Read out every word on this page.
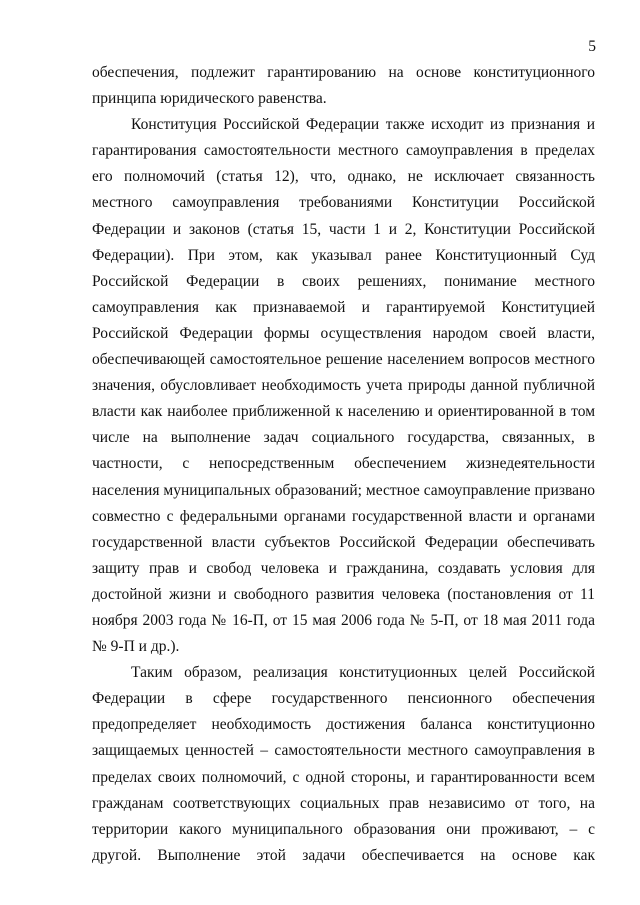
5
обеспечения, подлежит гарантированию на основе конституционного
принципа юридического равенства.
Конституция Российской Федерации также исходит из признания и
гарантирования самостоятельности местного самоуправления в пределах
его полномочий (статья 12), что, однако, не исключает связанность
местного самоуправления требованиями Конституции Российской
Федерации и законов (статья 15, части 1 и 2, Конституции Российской
Федерации). При этом, как указывал ранее Конституционный Суд
Российской Федерации в своих решениях, понимание местного
самоуправления как признаваемой и гарантируемой Конституцией
Российской Федерации формы осуществления народом своей власти,
обеспечивающей самостоятельное решение населением вопросов местного
значения, обусловливает необходимость учета природы данной публичной
власти как наиболее приближенной к населению и ориентированной в том
числе на выполнение задач социального государства, связанных, в
частности, с непосредственным обеспечением жизнедеятельности
населения муниципальных образований; местное самоуправление призвано
совместно с федеральными органами государственной власти и органами
государственной власти субъектов Российской Федерации обеспечивать
защиту прав и свобод человека и гражданина, создавать условия для
достойной жизни и свободного развития человека (постановления от 11
ноября 2003 года № 16-П, от 15 мая 2006 года № 5-П, от 18 мая 2011 года
№ 9-П и др.).
Таким образом, реализация конституционных целей Российской
Федерации в сфере государственного пенсионного обеспечения
предопределяет необходимость достижения баланса конституционно
защищаемых ценностей – самостоятельности местного самоуправления в
пределах своих полномочий, с одной стороны, и гарантированности всем
гражданам соответствующих социальных прав независимо от того, на
территории какого муниципального образования они проживают, – с
другой. Выполнение этой задачи обеспечивается на основе как
